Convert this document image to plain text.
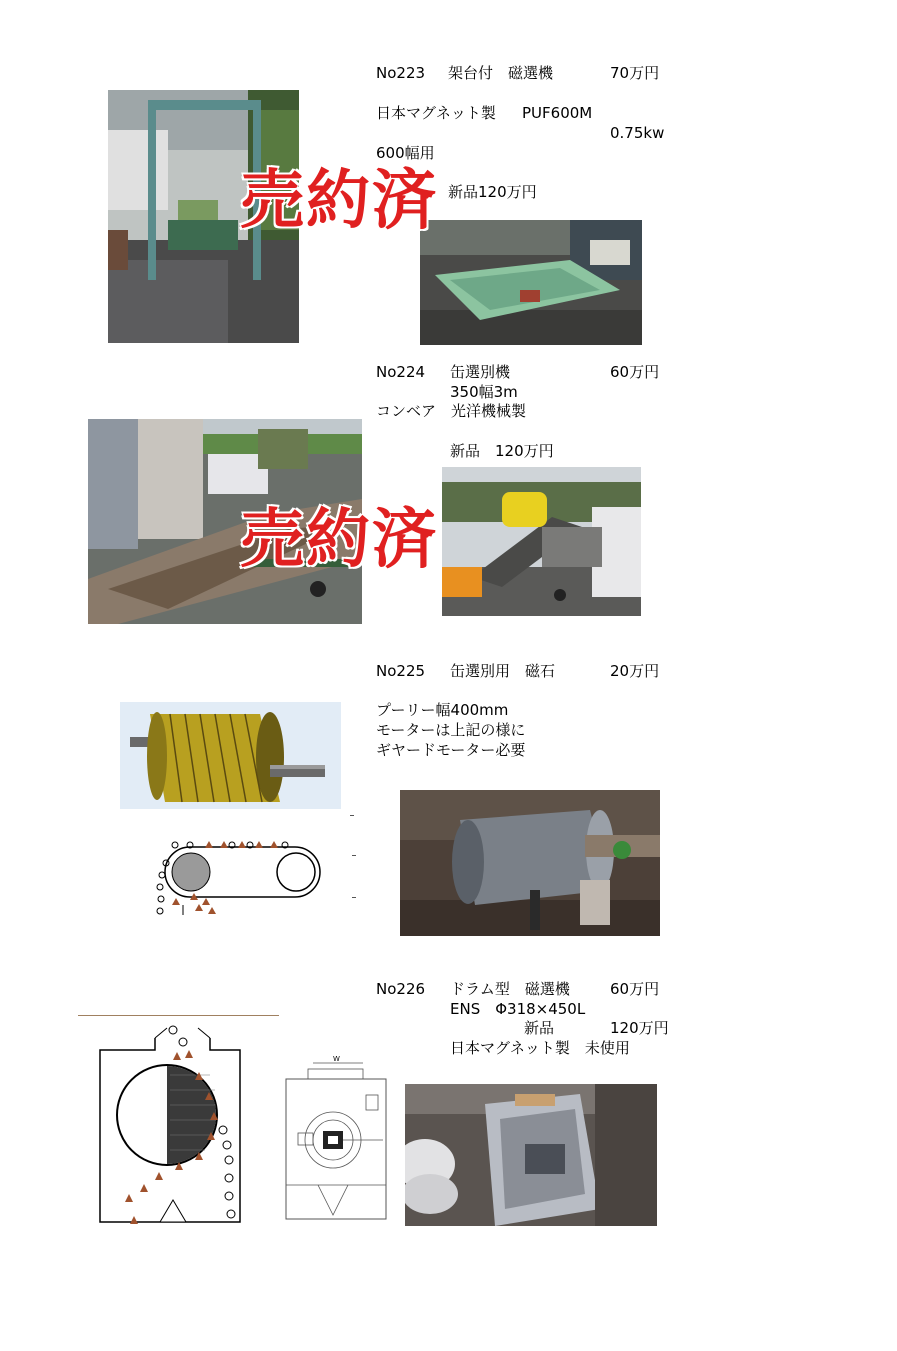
No223 架台付　磁選機	70万円
日本マグネット製 PUF600M
0.75kw
600幅用
新品120万円
売約済
No224 缶選別機	60万円
350幅3m
コンベア　光洋機械製
新品　120万円
売約済
No225 缶選別用　磁石	20万円
プーリー幅400mm
モーターは上記の様に
ギヤードモーター必要
No226 ドラム型　磁選機	60万円
ENS　Φ318×450L
新品	120万円
日本マグネット製　未使用
W
